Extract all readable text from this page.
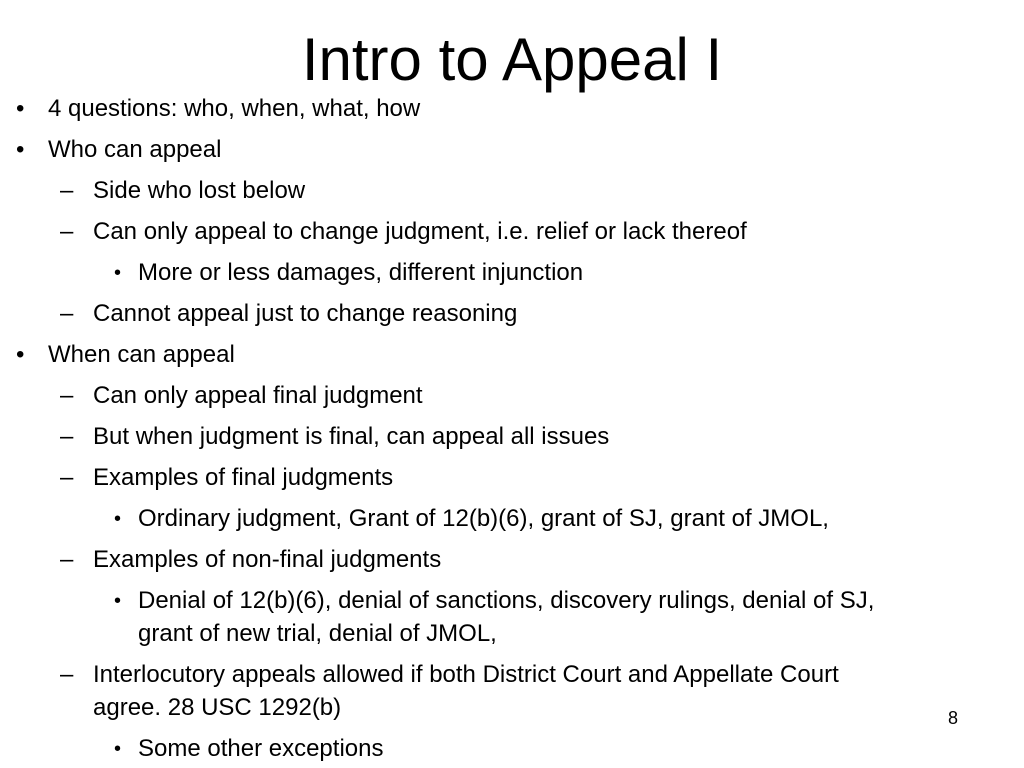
Intro to Appeal I
• 4 questions: who, when, what, how
• Who can appeal
– Side who lost below
– Can only appeal to change judgment, i.e. relief or lack thereof
• More or less damages, different injunction
– Cannot appeal just to change reasoning
• When can appeal
– Can only appeal final judgment
– But when judgment is final, can appeal all issues
– Examples of final judgments
• Ordinary judgment, Grant of 12(b)(6), grant of SJ, grant of JMOL,
– Examples of non-final judgments
• Denial of 12(b)(6), denial of sanctions, discovery rulings, denial of SJ,
grant of new trial, denial of JMOL,
– Interlocutory appeals allowed if both District Court and Appellate Court
agree. 28 USC 1292(b)
• Some other exceptions
8
